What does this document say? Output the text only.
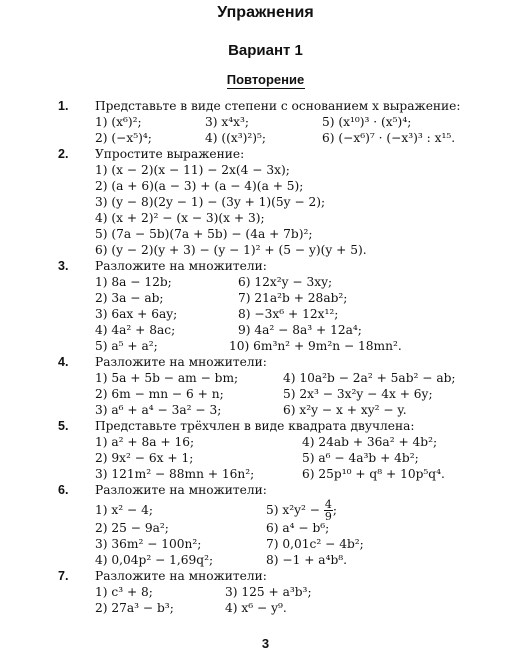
Упражнения
Вариант 1
Повторение
1.	Представьте в виде степени с основанием x выражение:
1) (x⁶)²;	3) x⁴x³;	5) (x¹⁰)³ · (x⁵)⁴;
2) (−x⁵)⁴;	4) ((x³)²)⁵;	6) (−x⁶)⁷ · (−x³)³ : x¹⁵.
2.	Упростите выражение:
1) (x − 2)(x − 11) − 2x(4 − 3x);
2) (a + 6)(a − 3) + (a − 4)(a + 5);
3) (y − 8)(2y − 1) − (3y + 1)(5y − 2);
4) (x + 2)² − (x − 3)(x + 3);
5) (7a − 5b)(7a + 5b) − (4a + 7b)²;
6) (y − 2)(y + 3) − (y − 1)² + (5 − y)(y + 5).
3.	Разложите на множители:
1) 8a − 12b;	6) 12x²y − 3xy;
2) 3a − ab;	7) 21a²b + 28ab²;
3) 6ax + 6ay;	8) −3x⁶ + 12x¹²;
4) 4a² + 8ac;	9) 4a² − 8a³ + 12a⁴;
5) a⁵ + a²;	10) 6m³n² + 9m²n − 18mn².
4.	Разложите на множители:
1) 5a + 5b − am − bm;	4) 10a²b − 2a² + 5ab² − ab;
2) 6m − mn − 6 + n;	5) 2x³ − 3x²y − 4x + 6y;
3) a⁶ + a⁴ − 3a² − 3;	6) x²y − x + xy² − y.
5.	Представьте трёхчлен в виде квадрата двучлена:
1) a² + 8a + 16;	4) 24ab + 36a² + 4b²;
2) 9x² − 6x + 1;	5) a⁶ − 4a³b + 4b²;
3) 121m² − 88mn + 16n²;	6) 25p¹⁰ + q⁸ + 10p⁵q⁴.
6.	Разложите на множители:
1) x² − 4;	5) $x^2y^2 - \frac{4}{9}$ ;
2) 25 − 9a²;	6) a⁴ − b⁶;
3) 36m² − 100n²;	7) 0,01c² − 4b²;
4) 0,04p² − 1,69q²;	8) −1 + a⁴b⁸.
7.	Разложите на множители:
1) c³ + 8;	3) 125 + a³b³;
2) 27a³ − b³;	4) x⁶ − y⁹.
3
